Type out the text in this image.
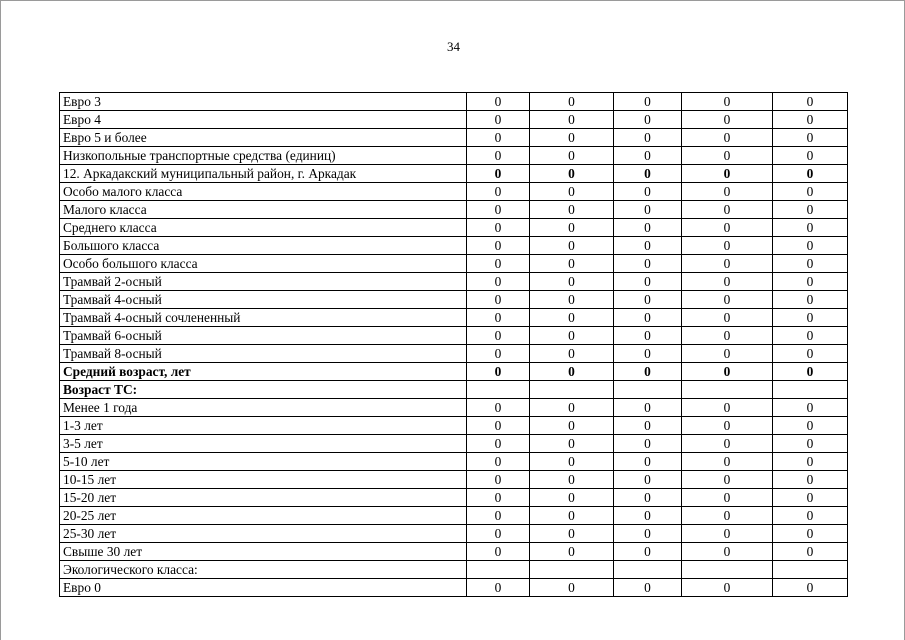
34
Евро 3	0	0	0	0	0
Евро 4	0	0	0	0	0
Евро 5 и более	0	0	0	0	0
Низкопольные транспортные средства (единиц)	0	0	0	0	0
12. Аркадакский муниципальный район, г. Аркадак	0	0	0	0	0
Особо малого класса	0	0	0	0	0
Малого класса	0	0	0	0	0
Среднего класса	0	0	0	0	0
Большого класса	0	0	0	0	0
Особо большого класса	0	0	0	0	0
Трамвай 2-осный	0	0	0	0	0
Трамвай 4-осный	0	0	0	0	0
Трамвай 4-осный сочлененный	0	0	0	0	0
Трамвай 6-осный	0	0	0	0	0
Трамвай 8-осный	0	0	0	0	0
Средний возраст, лет	0	0	0	0	0
Возраст ТС:					
Менее 1 года	0	0	0	0	0
1-3 лет	0	0	0	0	0
3-5 лет	0	0	0	0	0
5-10 лет	0	0	0	0	0
10-15 лет	0	0	0	0	0
15-20 лет	0	0	0	0	0
20-25 лет	0	0	0	0	0
25-30 лет	0	0	0	0	0
Свыше 30 лет	0	0	0	0	0
Экологического класса:					
Евро 0	0	0	0	0	0
